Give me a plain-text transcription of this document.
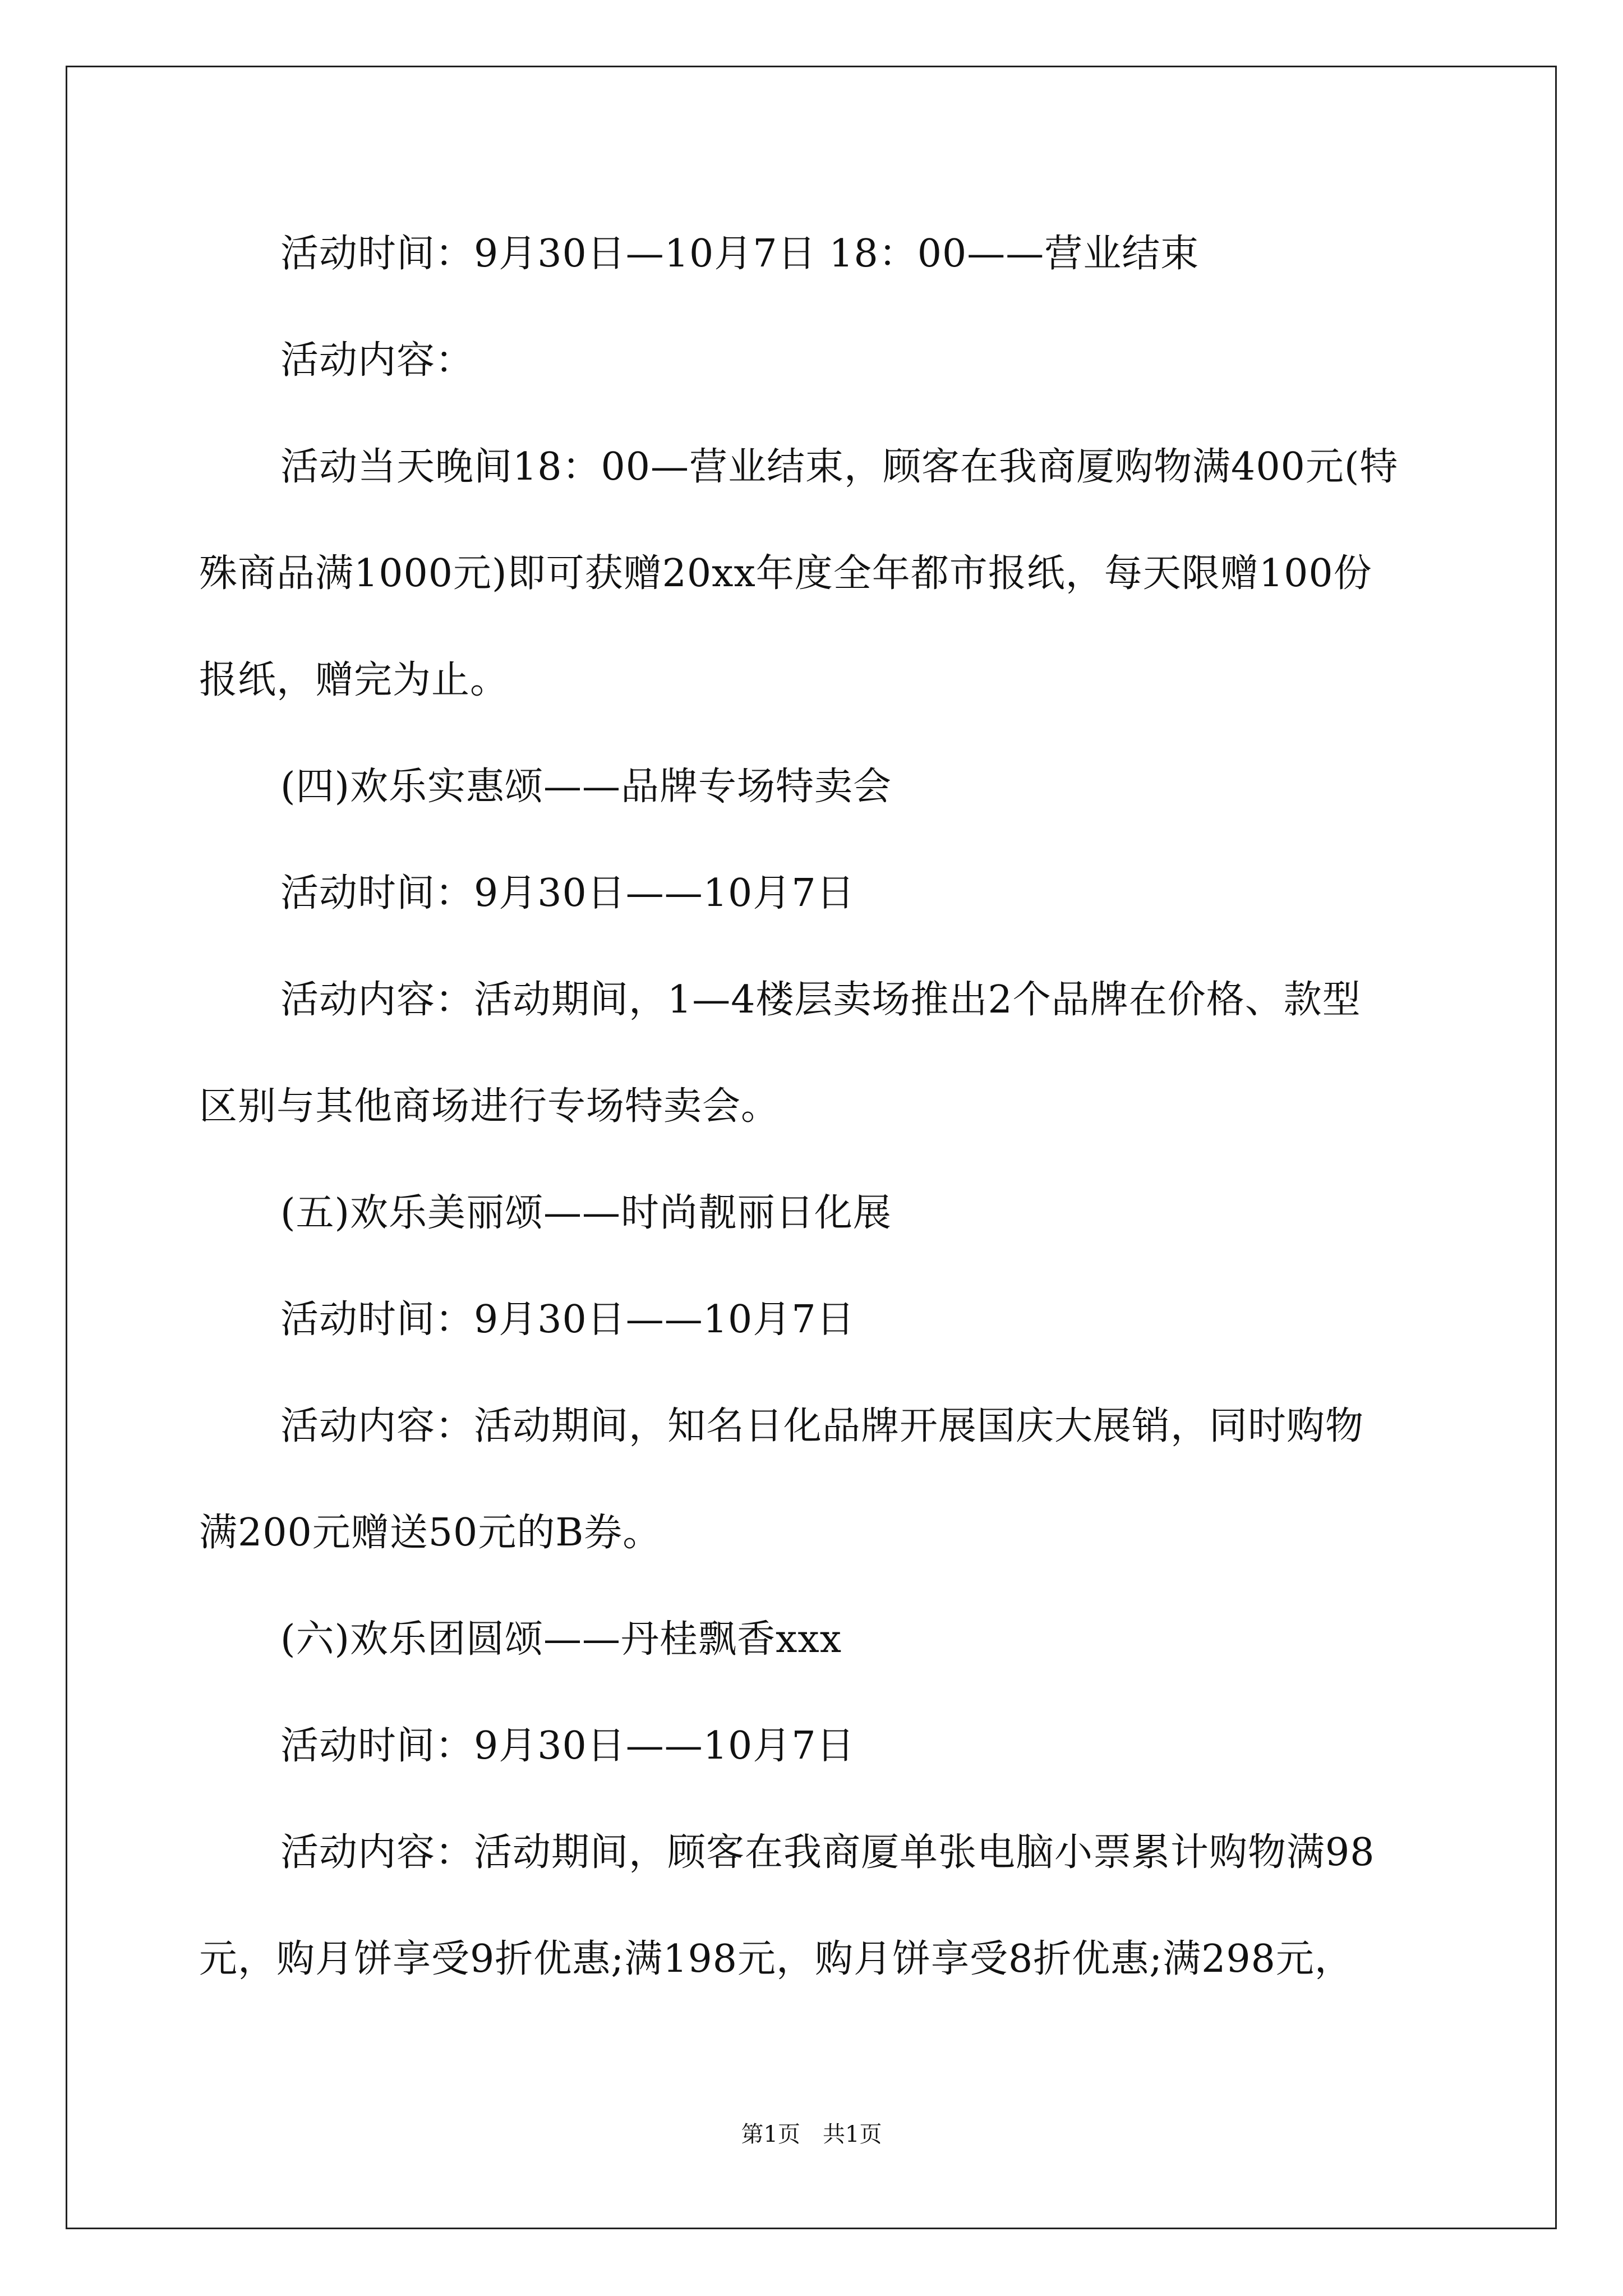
活动时间：9月30日—10月7日 18：00——营业结束
活动内容：
活动当天晚间18：00—营业结束，顾客在我商厦购物满400元(特
殊商品满1000元)即可获赠20xx年度全年都市报纸，每天限赠100份
报纸，赠完为止。
(四)欢乐实惠颂——品牌专场特卖会
活动时间：9月30日——10月7日
活动内容：活动期间，1—4楼层卖场推出2个品牌在价格、款型
区别与其他商场进行专场特卖会。
(五)欢乐美丽颂——时尚靓丽日化展
活动时间：9月30日——10月7日
活动内容：活动期间，知名日化品牌开展国庆大展销，同时购物
满200元赠送50元的B券。
(六)欢乐团圆颂——丹桂飘香xxx
活动时间：9月30日——10月7日
活动内容：活动期间，顾客在我商厦单张电脑小票累计购物满98
元，购月饼享受9折优惠;满198元，购月饼享受8折优惠;满298元，
第1页　共1页
